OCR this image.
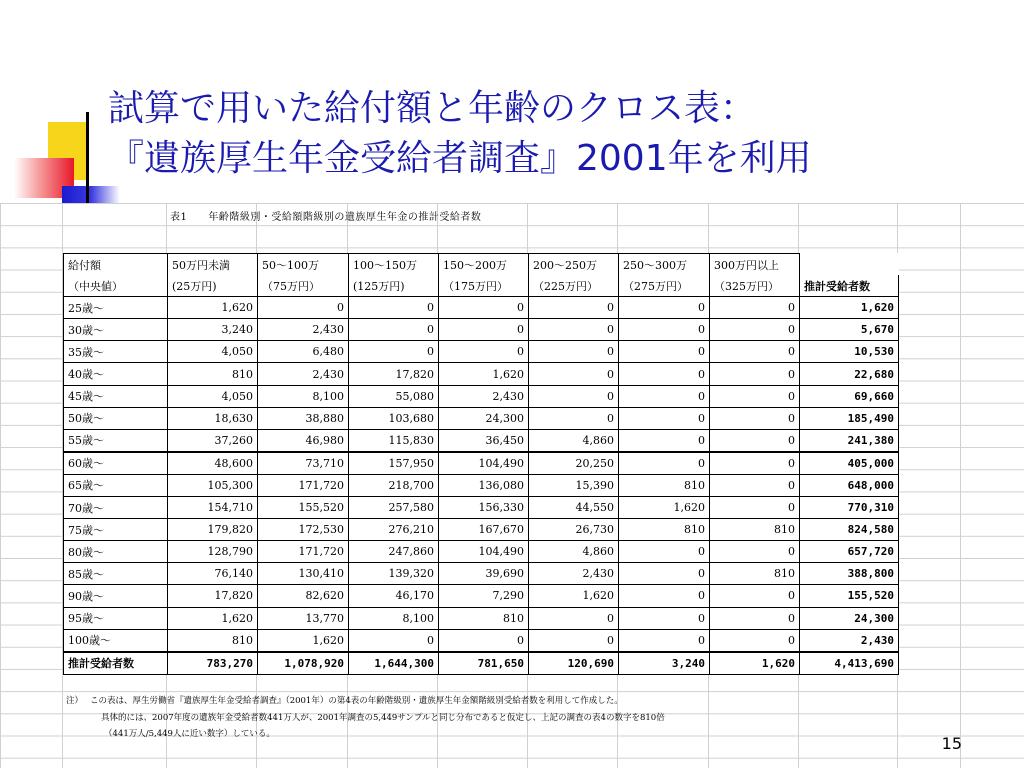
試算で用いた給付額と年齢のクロス表：
『遺族厚生年金受給者調査』2001年を利用
表1　　年齢階級別・受給額階級別の遺族厚生年金の推計受給者数
給付額	50万円未満	50～100万	100～150万	150～200万	200～250万	250～300万	300万円以上	
（中央値）	(25万円)	（75万円）	(125万円)	（175万円）	（225万円）	（275万円）	（325万円）	推計受給者数
25歳～	1,620	0	0	0	0	0	0	1,620
30歳～	3,240	2,430	0	0	0	0	0	5,670
35歳～	4,050	6,480	0	0	0	0	0	10,530
40歳～	810	2,430	17,820	1,620	0	0	0	22,680
45歳～	4,050	8,100	55,080	2,430	0	0	0	69,660
50歳～	18,630	38,880	103,680	24,300	0	0	0	185,490
55歳～	37,260	46,980	115,830	36,450	4,860	0	0	241,380
60歳～	48,600	73,710	157,950	104,490	20,250	0	0	405,000
65歳～	105,300	171,720	218,700	136,080	15,390	810	0	648,000
70歳～	154,710	155,520	257,580	156,330	44,550	1,620	0	770,310
75歳～	179,820	172,530	276,210	167,670	26,730	810	810	824,580
80歳～	128,790	171,720	247,860	104,490	4,860	0	0	657,720
85歳～	76,140	130,410	139,320	39,690	2,430	0	810	388,800
90歳～	17,820	82,620	46,170	7,290	1,620	0	0	155,520
95歳～	1,620	13,770	8,100	810	0	0	0	24,300
100歳～	810	1,620	0	0	0	0	0	2,430
推計受給者数	783,270	1,078,920	1,644,300	781,650	120,690	3,240	1,620	4,413,690
注）　 この表は、厚生労働省『遺族厚生年金受給者調査』（2001年）の第4表の年齢階級別・遺族厚生年金額階級別受給者数を利用して作成した。
具体的には、2007年度の遺族年金受給者数441万人が、2001年調査の5,449サンプルと同じ分布であると仮定し、上記の調査の表4の数字を810倍
（441万人/5,449人に近い数字）している。	15
